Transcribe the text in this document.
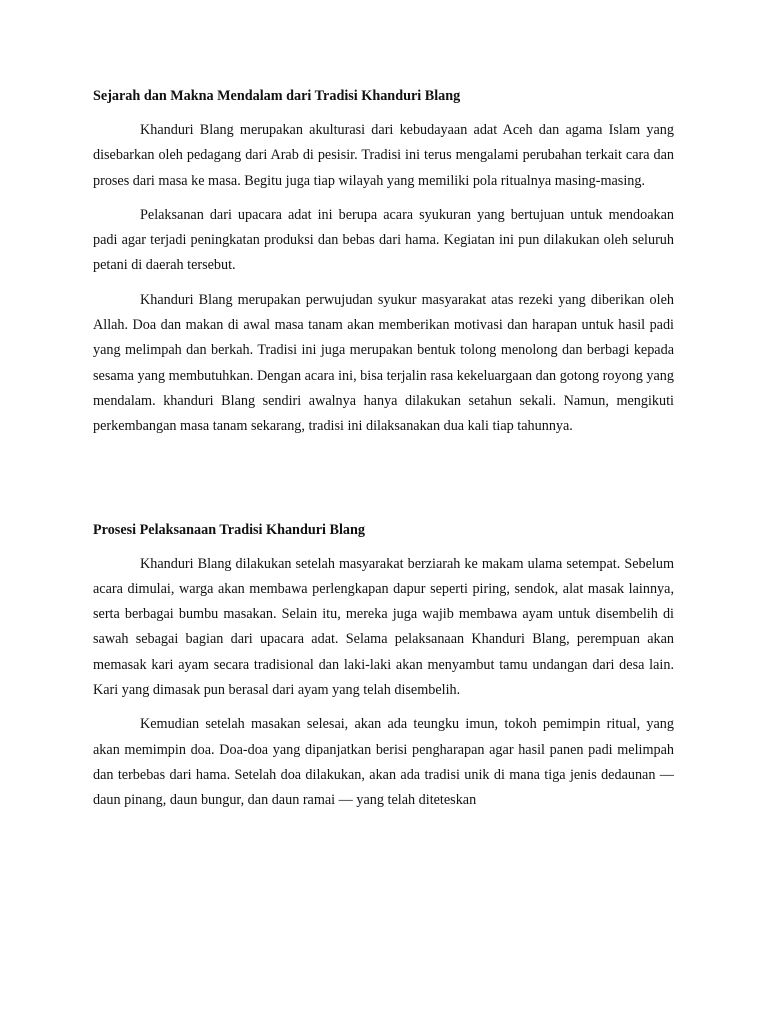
Sejarah dan Makna Mendalam dari Tradisi Khanduri Blang

Khanduri Blang merupakan akulturasi dari kebudayaan adat Aceh dan agama Islam yang disebarkan oleh pedagang dari Arab di pesisir. Tradisi ini terus mengalami perubahan terkait cara dan proses dari masa ke masa. Begitu juga tiap wilayah yang memiliki pola ritualnya masing-masing.

Pelaksanan dari upacara adat ini berupa acara syukuran yang bertujuan untuk mendoakan padi agar terjadi peningkatan produksi dan bebas dari hama. Kegiatan ini pun dilakukan oleh seluruh petani di daerah tersebut.

Khanduri Blang merupakan perwujudan syukur masyarakat atas rezeki yang diberikan oleh Allah. Doa dan makan di awal masa tanam akan memberikan motivasi dan harapan untuk hasil padi yang melimpah dan berkah. Tradisi ini juga merupakan bentuk tolong menolong dan berbagi kepada sesama yang membutuhkan. Dengan acara ini, bisa terjalin rasa kekeluargaan dan gotong royong yang mendalam. khanduri Blang sendiri awalnya hanya dilakukan setahun sekali. Namun, mengikuti perkembangan masa tanam sekarang, tradisi ini dilaksanakan dua kali tiap tahunnya.

Prosesi Pelaksanaan Tradisi Khanduri Blang

Khanduri Blang dilakukan setelah masyarakat berziarah ke makam ulama setempat. Sebelum acara dimulai, warga akan membawa perlengkapan dapur seperti piring, sendok, alat masak lainnya, serta berbagai bumbu masakan. Selain itu, mereka juga wajib membawa ayam untuk disembelih di sawah sebagai bagian dari upacara adat. Selama pelaksanaan Khanduri Blang, perempuan akan memasak kari ayam secara tradisional dan laki-laki akan menyambut tamu undangan dari desa lain. Kari yang dimasak pun berasal dari ayam yang telah disembelih.

Kemudian setelah masakan selesai, akan ada teungku imun, tokoh pemimpin ritual, yang akan memimpin doa. Doa-doa yang dipanjatkan berisi pengharapan agar hasil panen padi melimpah dan terbebas dari hama. Setelah doa dilakukan, akan ada tradisi unik di mana tiga jenis dedaunan — daun pinang, daun bungur, dan daun ramai — yang telah diteteskan
